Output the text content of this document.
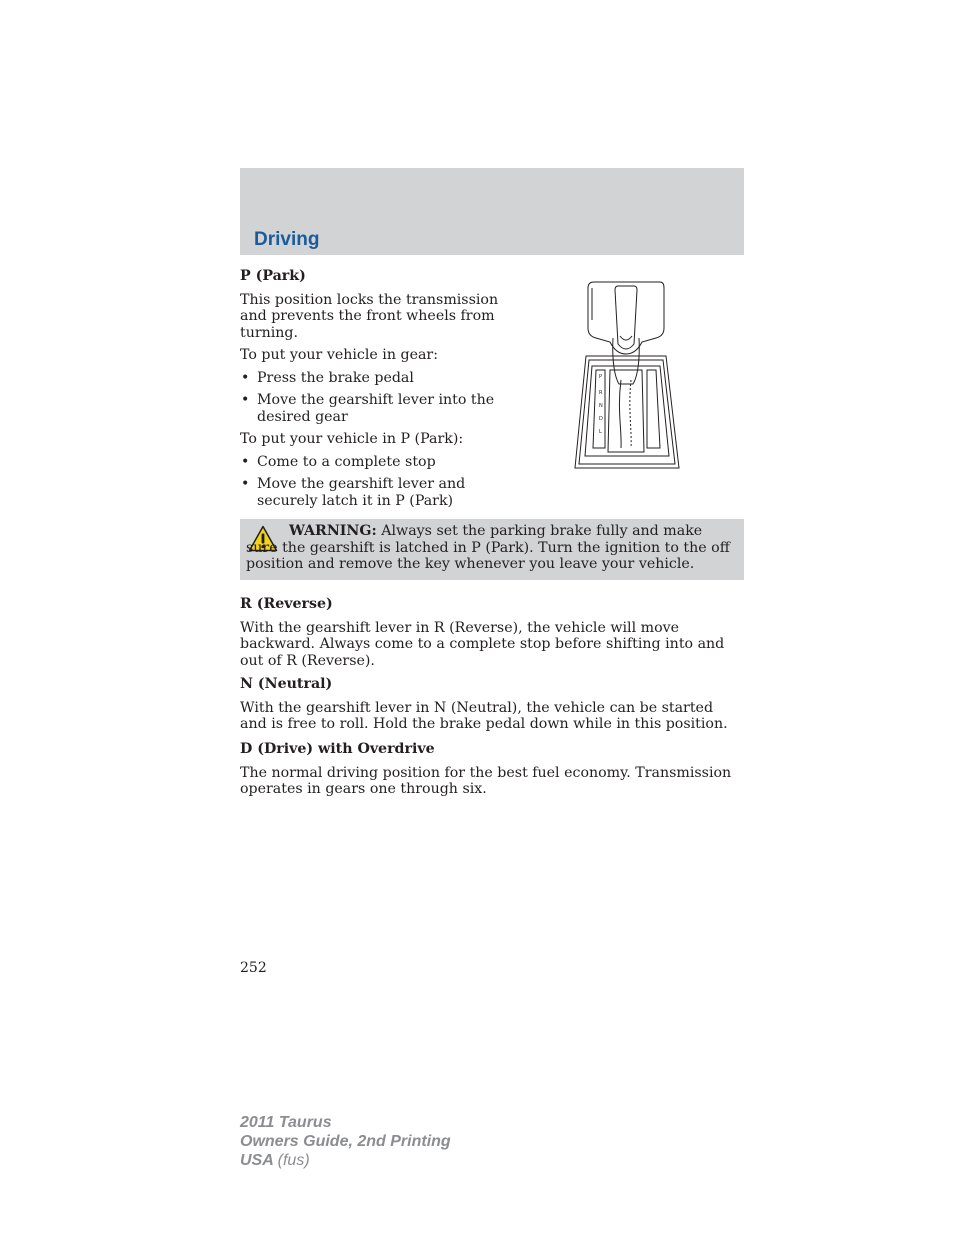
Driving
P (Park)

This position locks the transmission and prevents the front wheels from turning.

To put your vehicle in gear:

• Press the brake pedal
• Move the gearshift lever into the desired gear

To put your vehicle in P (Park):

• Come to a complete stop
• Move the gearshift lever and securely latch it in P (Park)
P
R
N
D
L

WARNING: Always set the parking brake fully and make sure the gearshift is latched in P (Park). Turn the ignition to the off position and remove the key whenever you leave your vehicle.

R (Reverse)

With the gearshift lever in R (Reverse), the vehicle will move backward. Always come to a complete stop before shifting into and out of R (Reverse).

N (Neutral)

With the gearshift lever in N (Neutral), the vehicle can be started and is free to roll. Hold the brake pedal down while in this position.

D (Drive) with Overdrive

The normal driving position for the best fuel economy. Transmission operates in gears one through six.

252
2011 Taurus
Owners Guide, 2nd Printing
USA (fus)
